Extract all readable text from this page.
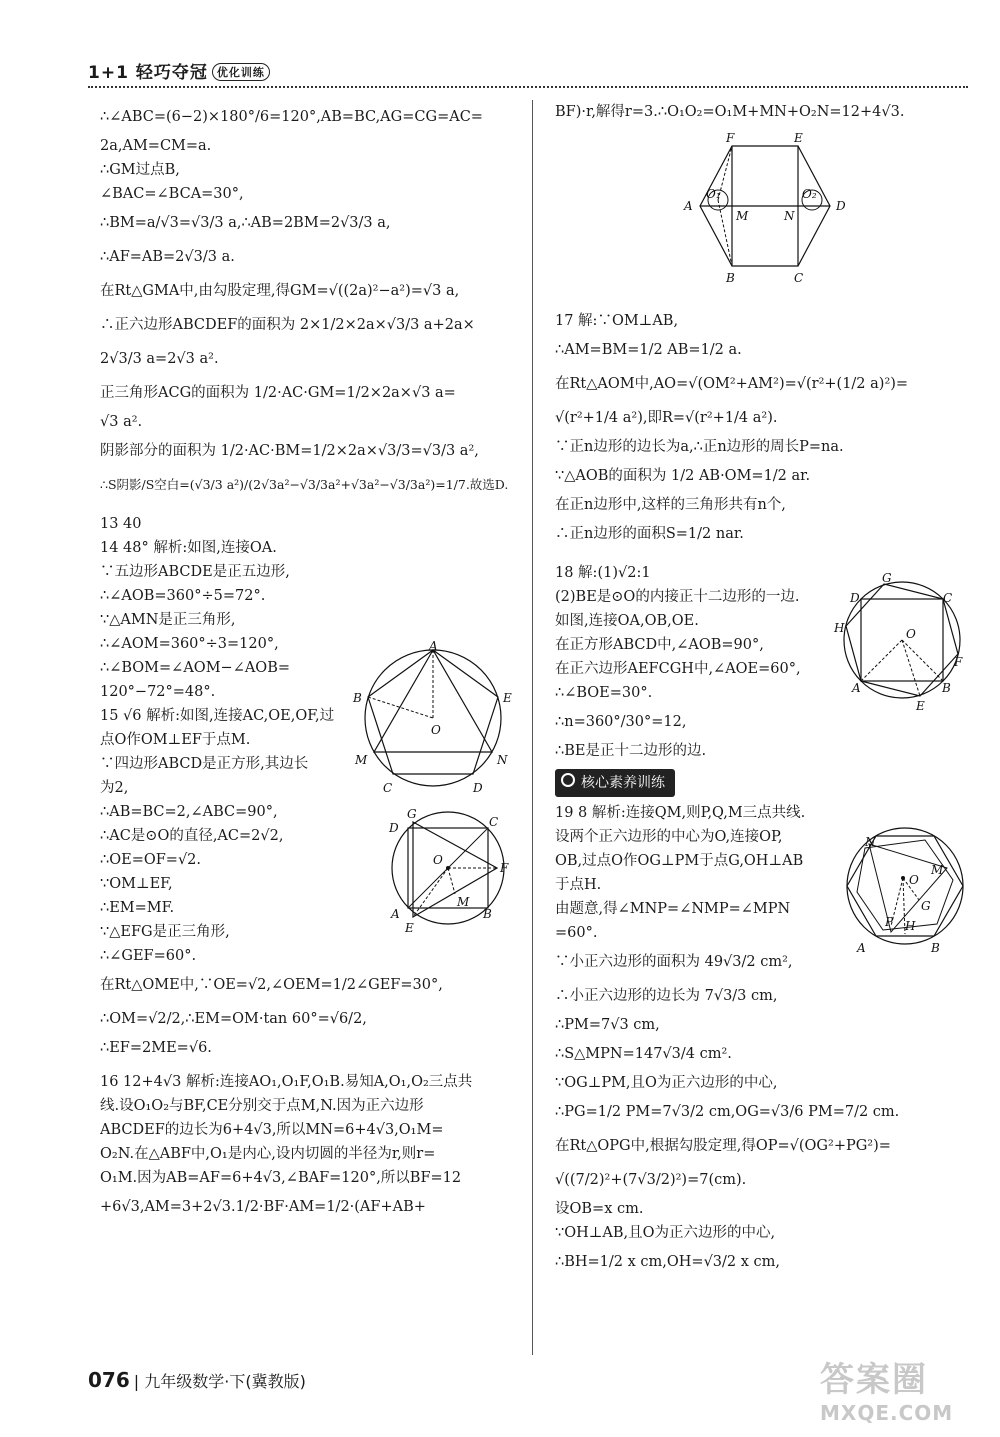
1+1 轻巧夺冠 优化训练
∴∠ABC=(6−2)×180°/6=120°,AB=BC,AG=CG=AC=
2a,AM=CM=a.
∴GM过点B,
∠BAC=∠BCA=30°,
∴BM=a/√3=√3/3 a,∴AB=2BM=2√3/3 a,
∴AF=AB=2√3/3 a.
在Rt△GMA中,由勾股定理,得GM=√((2a)²−a²)=√3 a,
∴正六边形ABCDEF的面积为 2×1/2×2a×√3/3 a+2a×
2√3/3 a=2√3 a².
正三角形ACG的面积为 1/2·AC·GM=1/2×2a×√3 a=
√3 a².
阴影部分的面积为 1/2·AC·BM=1/2×2a×√3/3=√3/3 a²,
∴S阴影/S空白=(√3/3 a²)/(2√3a²−√3/3a²+√3a²−√3/3a²)=1/7.故选D.
13 40
14 48° 解析:如图,连接OA.
∵五边形ABCDE是正五边形,
∴∠AOB=360°÷5=72°.
∵△AMN是正三角形,
∴∠AOM=360°÷3=120°,
∴∠BOM=∠AOM−∠AOB=
120°−72°=48°.
15 √6 解析:如图,连接AC,OE,OF,过
点O作OM⊥EF于点M.
∵四边形ABCD是正方形,其边长
为2,
∴AB=BC=2,∠ABC=90°,
∴AC是⊙O的直径,AC=2√2,
∴OE=OF=√2.
∵OM⊥EF,
∴EM=MF.
∵△EFG是正三角形,
∴∠GEF=60°.
在Rt△OME中,∵OE=√2,∠OEM=1/2∠GEF=30°,
∴OM=√2/2,∴EM=OM·tan 60°=√6/2,
∴EF=2ME=√6.
16 12+4√3 解析:连接AO₁,O₁F,O₁B.易知A,O₁,O₂三点共
线.设O₁O₂与BF,CE分别交于点M,N.因为正六边形
ABCDEF的边长为6+4√3,所以MN=6+4√3,O₁M=
O₂N.在△ABF中,O₁是内心,设内切圆的半径为r,则r=
O₁M.因为AB=AF=6+4√3,∠BAF=120°,所以BF=12
+6√3,AM=3+2√3.1/2·BF·AM=1/2·(AF+AB+
BF)·r,解得r=3.∴O₁O₂=O₁M+MN+O₂N=12+4√3.
17 解:∵OM⊥AB,
∴AM=BM=1/2 AB=1/2 a.
在Rt△AOM中,AO=√(OM²+AM²)=√(r²+(1/2 a)²)=
√(r²+1/4 a²),即R=√(r²+1/4 a²).
∵正n边形的边长为a,∴正n边形的周长P=na.
∵△AOB的面积为 1/2 AB·OM=1/2 ar.
在正n边形中,这样的三角形共有n个,
∴正n边形的面积S=1/2 nar.
18 解:(1)√2:1
(2)BE是⊙O的内接正十二边形的一边.
如图,连接OA,OB,OE.
在正方形ABCD中,∠AOB=90°,
在正六边形AEFCGH中,∠AOE=60°,
∴∠BOE=30°.
∴n=360°/30°=12,
∴BE是正十二边形的边.
核心素养训练
19 8 解析:连接QM,则P,Q,M三点共线.
设两个正六边形的中心为O,连接OP,
OB,过点O作OG⊥PM于点G,OH⊥AB
于点H.
由题意,得∠MNP=∠NMP=∠MPN
=60°.
∵小正六边形的面积为 49√3/2 cm²,
∴小正六边形的边长为 7√3/3 cm,
∴PM=7√3 cm,
∴S△MPN=147√3/4 cm².
∵OG⊥PM,且O为正六边形的中心,
∴PG=1/2 PM=7√3/2 cm,OG=√3/6 PM=7/2 cm.
在Rt△OPG中,根据勾股定理,得OP=√(OG²+PG²)=
√((7/2)²+(7√3/2)²)=7(cm).
设OB=x cm.
∵OH⊥AB,且O为正六边形的中心,
∴BH=1/2 x cm,OH=√3/2 x cm,
A
B	E
O
M	N
C	D
G
C
D
O
F
M
A
E
B
F	E
A
O₁
M	N
O₂
D
B	C
G
D	C
H	O
F
A	B
E
N
M
O
G
P H
A	B
076 | 九年级数学·下(冀教版)	答案圈
MXQE.COM
